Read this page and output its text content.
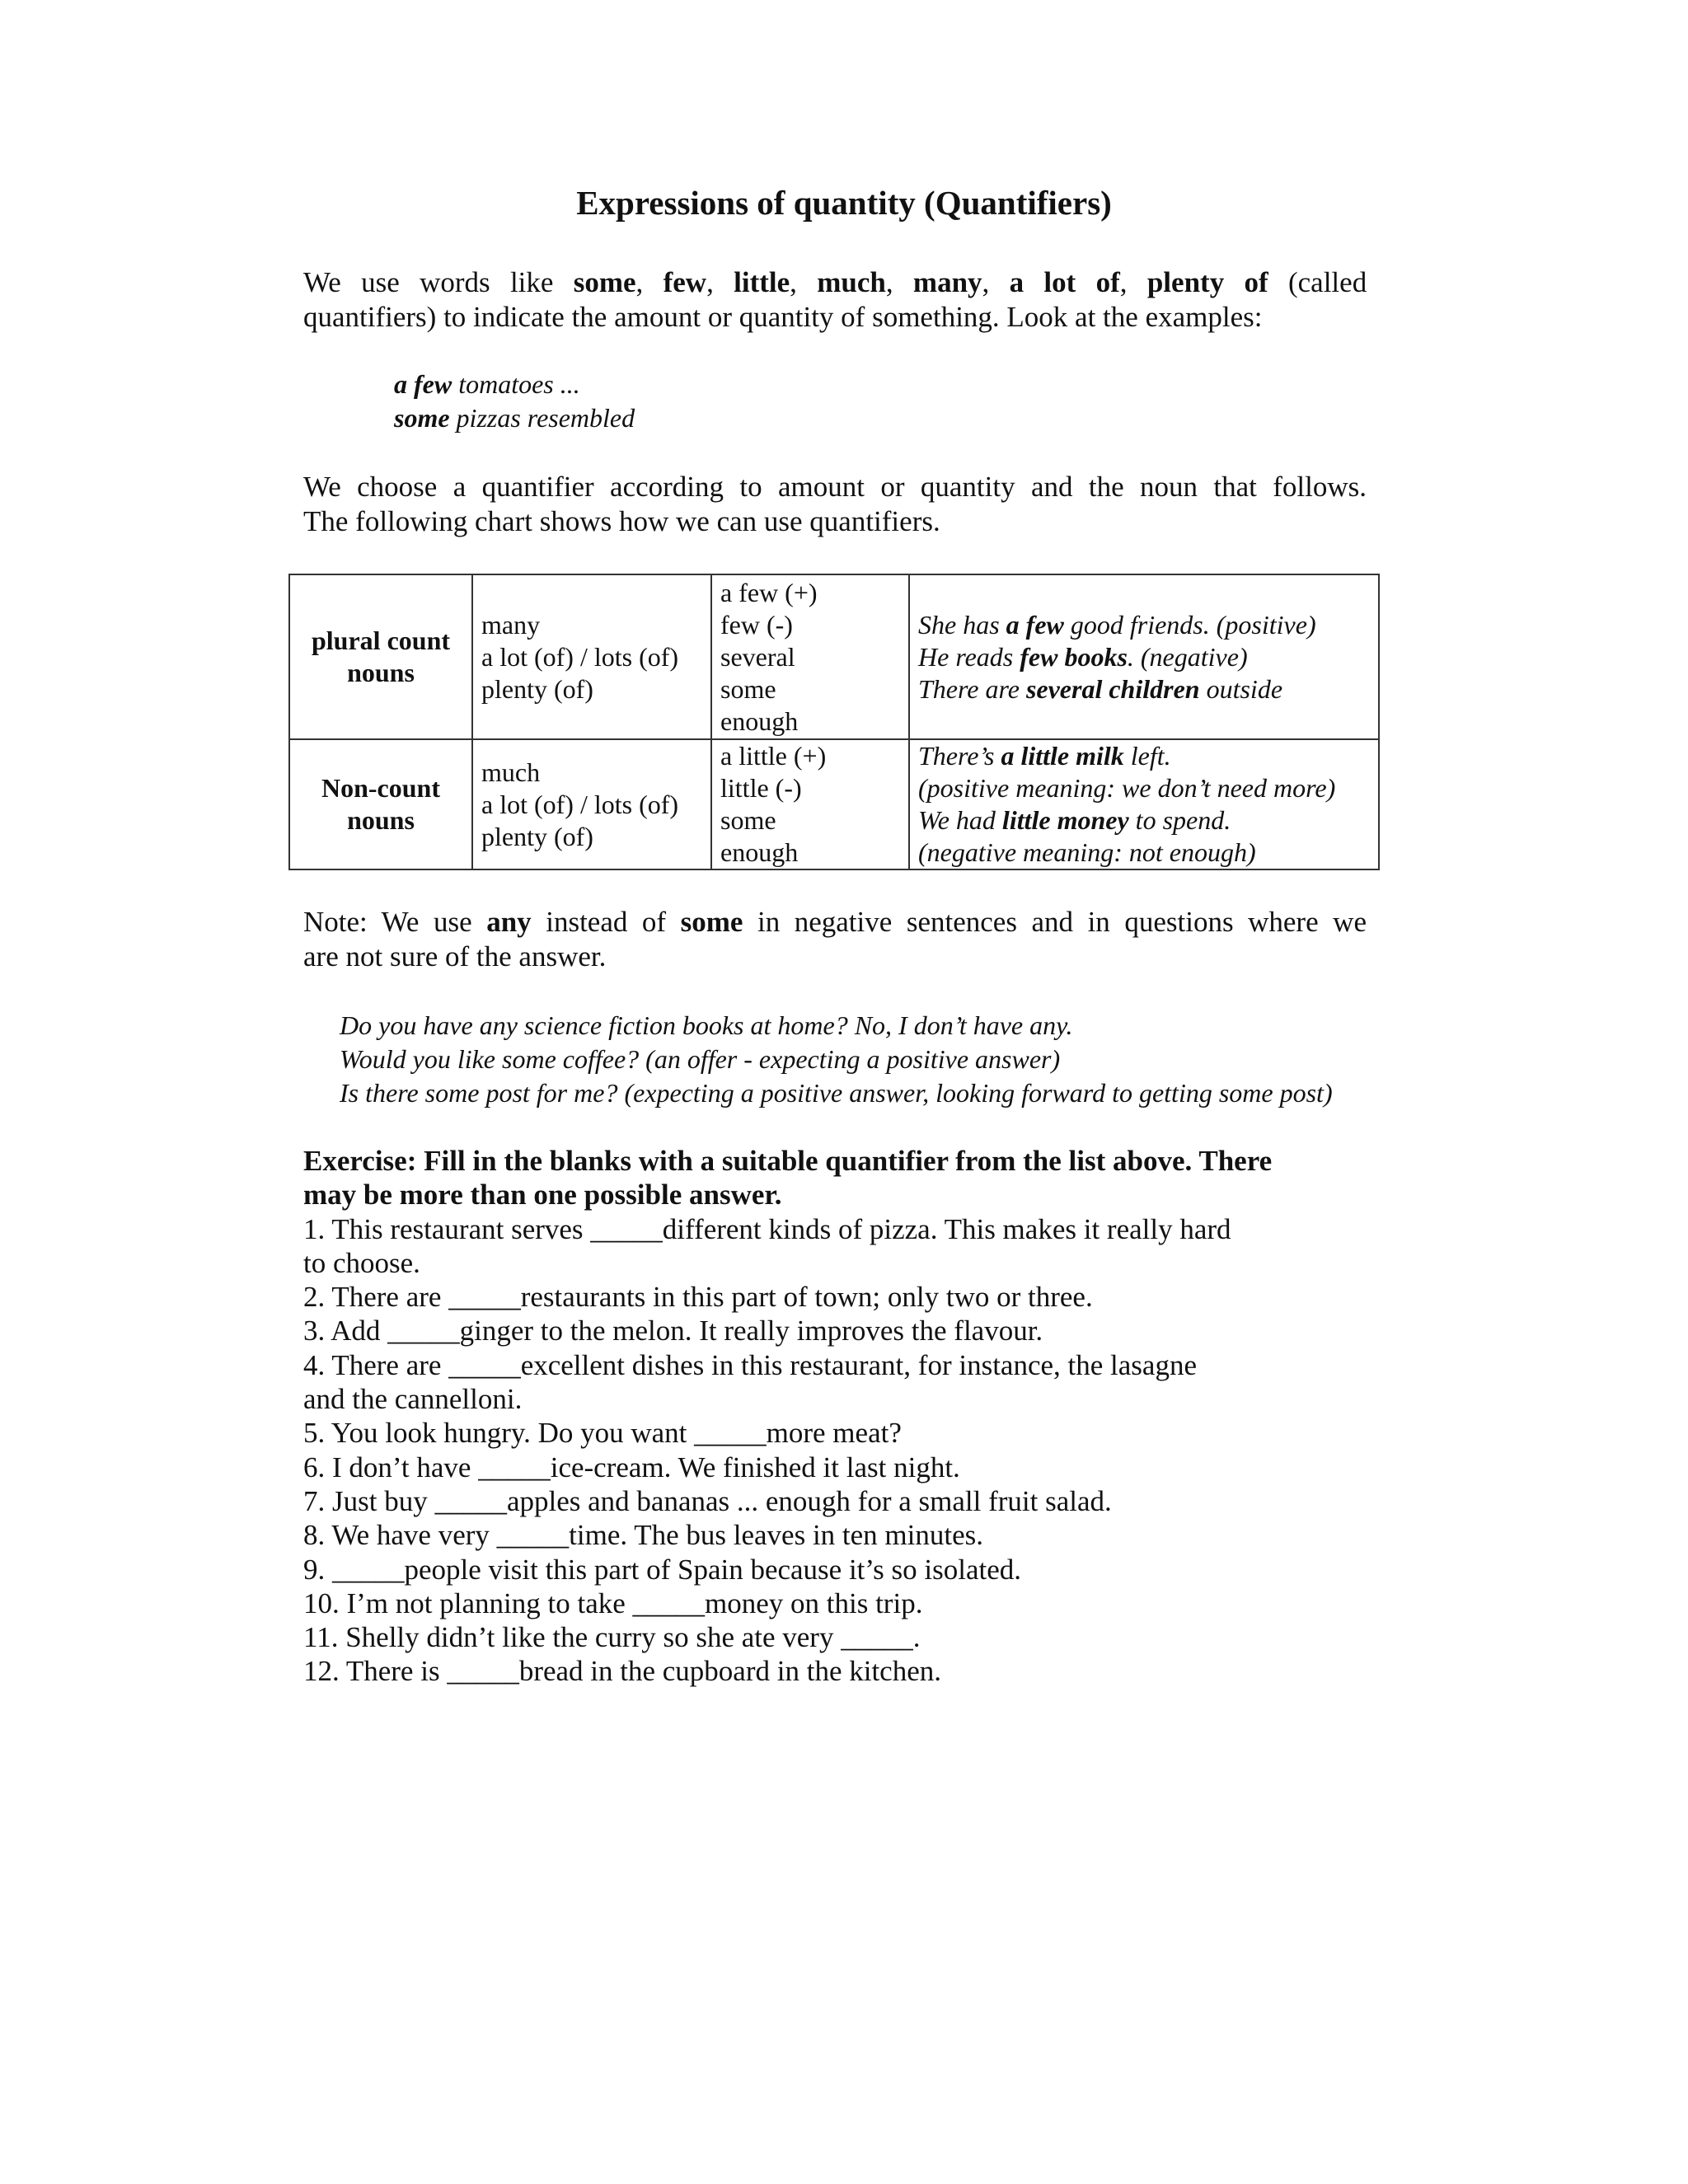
Expressions of quantity (Quantifiers)
We use words like some, few, little, much, many, a lot of, plenty of (called
quantifiers) to indicate the amount or quantity of something. Look at the examples:
a few tomatoes ...
some pizzas resembled
We choose a quantifier according to amount or quantity and the noun that follows.
The following chart shows how we can use quantifiers.
plural count
nouns	many
a lot (of) / lots (of)
plenty (of)	a few (+)
few (-)
several
some
enough	She has a few good friends. (positive)
He reads few books. (negative)
There are several children outside

Non-count
nouns	much
a lot (of) / lots (of)
plenty (of)	a little (+)
little (-)
some
enough	There’s a little milk left.
(positive meaning: we don’t need more)
We had little money to spend.
(negative meaning: not enough)
Note: We use any instead of some in negative sentences and in questions where we
are not sure of the answer.
Do you have any science fiction books at home? No, I don’t have any.
Would you like some coffee? (an offer - expecting a positive answer)
Is there some post for me? (expecting a positive answer, looking forward to getting some post)
Exercise: Fill in the blanks with a suitable quantifier from the list above. There
may be more than one possible answer.
1. This restaurant serves _____different kinds of pizza. This makes it really hard
to choose.
2. There are _____restaurants in this part of town; only two or three.
3. Add _____ginger to the melon. It really improves the flavour.
4. There are _____excellent dishes in this restaurant, for instance, the lasagne
and the cannelloni.
5. You look hungry. Do you want _____more meat?
6. I don’t have _____ice-cream. We finished it last night.
7. Just buy _____apples and bananas ... enough for a small fruit salad.
8. We have very _____time. The bus leaves in ten minutes.
9. _____people visit this part of Spain because it’s so isolated.
10. I’m not planning to take _____money on this trip.
11. Shelly didn’t like the curry so she ate very _____.
12. There is _____bread in the cupboard in the kitchen.
